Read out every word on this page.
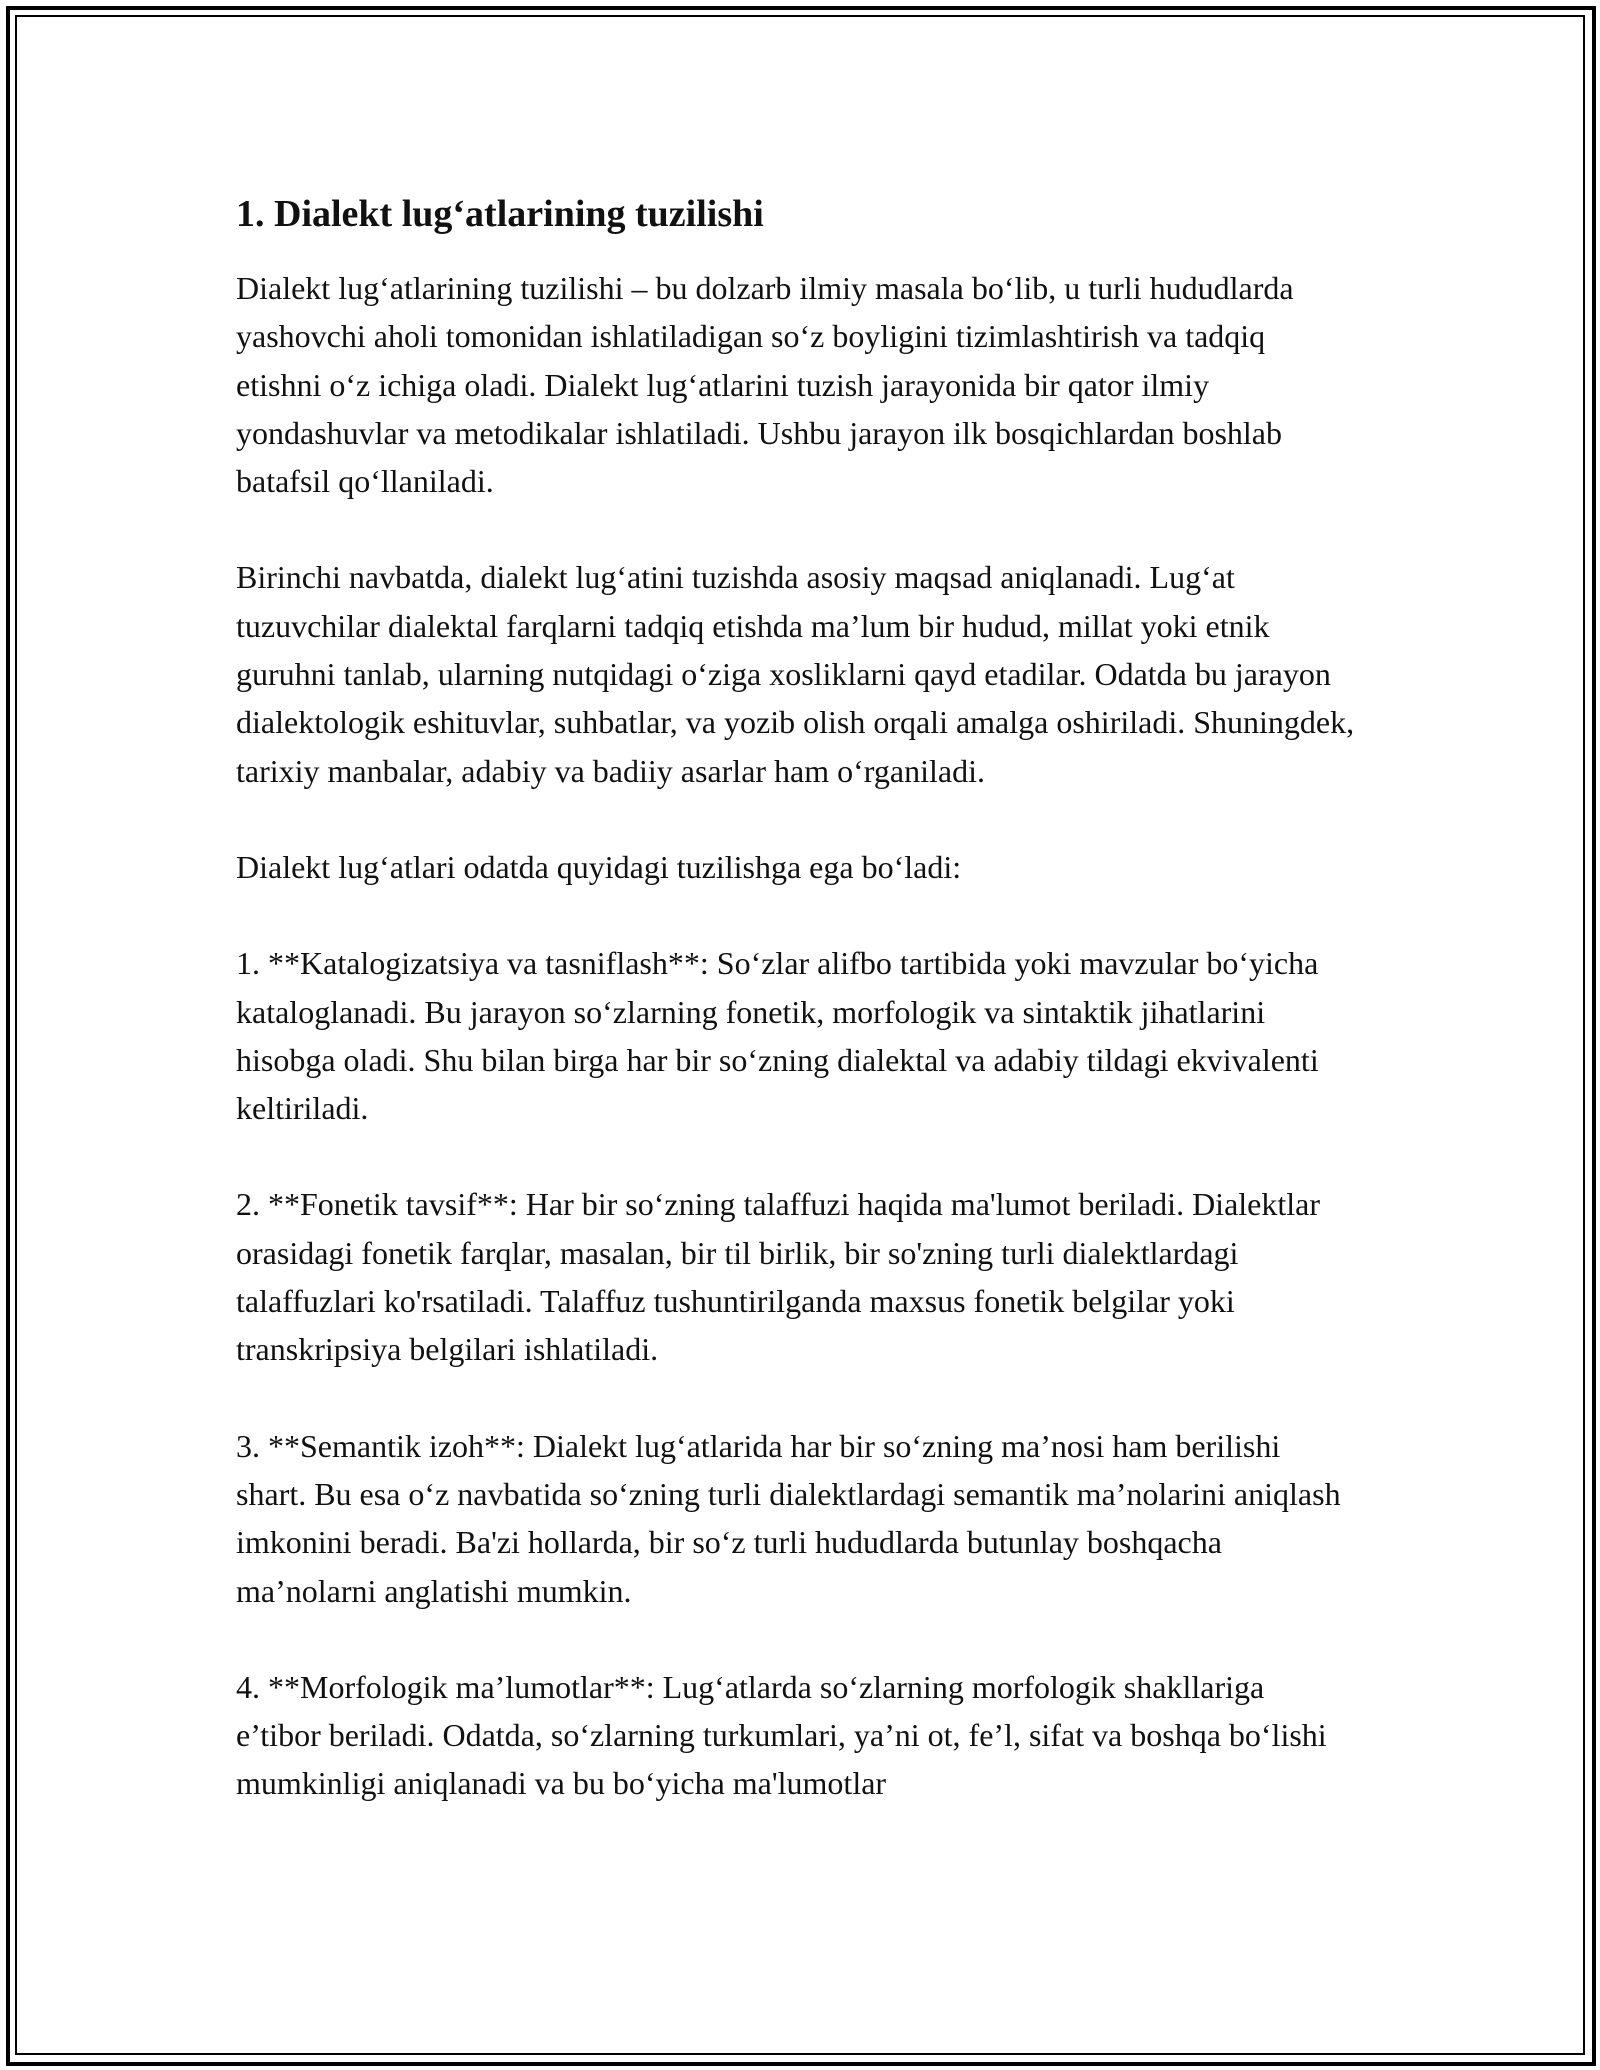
1. Dialekt lug‘atlarining tuzilishi

Dialekt lug‘atlarining tuzilishi – bu dolzarb ilmiy masala bo‘lib, u turli hududlarda yashovchi aholi tomonidan ishlatiladigan so‘z boyligini tizimlashtirish va tadqiq etishni o‘z ichiga oladi. Dialekt lug‘atlarini tuzish jarayonida bir qator ilmiy yondashuvlar va metodikalar ishlatiladi. Ushbu jarayon ilk bosqichlardan boshlab batafsil qo‘llaniladi.

Birinchi navbatda, dialekt lug‘atini tuzishda asosiy maqsad aniqlanadi. Lug‘at tuzuvchilar dialektal farqlarni tadqiq etishda ma’lum bir hudud, millat yoki etnik guruhni tanlab, ularning nutqidagi o‘ziga xosliklarni qayd etadilar. Odatda bu jarayon dialektologik eshituvlar, suhbatlar, va yozib olish orqali amalga oshiriladi. Shuningdek, tarixiy manbalar, adabiy va badiiy asarlar ham o‘rganiladi.

Dialekt lug‘atlari odatda quyidagi tuzilishga ega bo‘ladi:

1. **Katalogizatsiya va tasniflash**: So‘zlar alifbo tartibida yoki mavzular bo‘yicha kataloglanadi. Bu jarayon so‘zlarning fonetik, morfologik va sintaktik jihatlarini hisobga oladi. Shu bilan birga har bir so‘zning dialektal va adabiy tildagi ekvivalenti keltiriladi.

2. **Fonetik tavsif**: Har bir so‘zning talaffuzi haqida ma'lumot beriladi. Dialektlar orasidagi fonetik farqlar, masalan, bir til birlik, bir so'zning turli dialektlardagi talaffuzlari ko'rsatiladi. Talaffuz tushuntirilganda maxsus fonetik belgilar yoki transkripsiya belgilari ishlatiladi.

3. **Semantik izoh**: Dialekt lug‘atlarida har bir so‘zning ma’nosi ham berilishi shart. Bu esa o‘z navbatida so‘zning turli dialektlardagi semantik ma’nolarini aniqlash imkonini beradi. Ba'zi hollarda, bir so‘z turli hududlarda butunlay boshqacha ma’nolarni anglatishi mumkin.

4. **Morfologik ma’lumotlar**: Lug‘atlarda so‘zlarning morfologik shakllariga e’tibor beriladi. Odatda, so‘zlarning turkumlari, ya’ni ot, fe’l, sifat va boshqa bo‘lishi mumkinligi aniqlanadi va bu bo‘yicha ma'lumotlar
